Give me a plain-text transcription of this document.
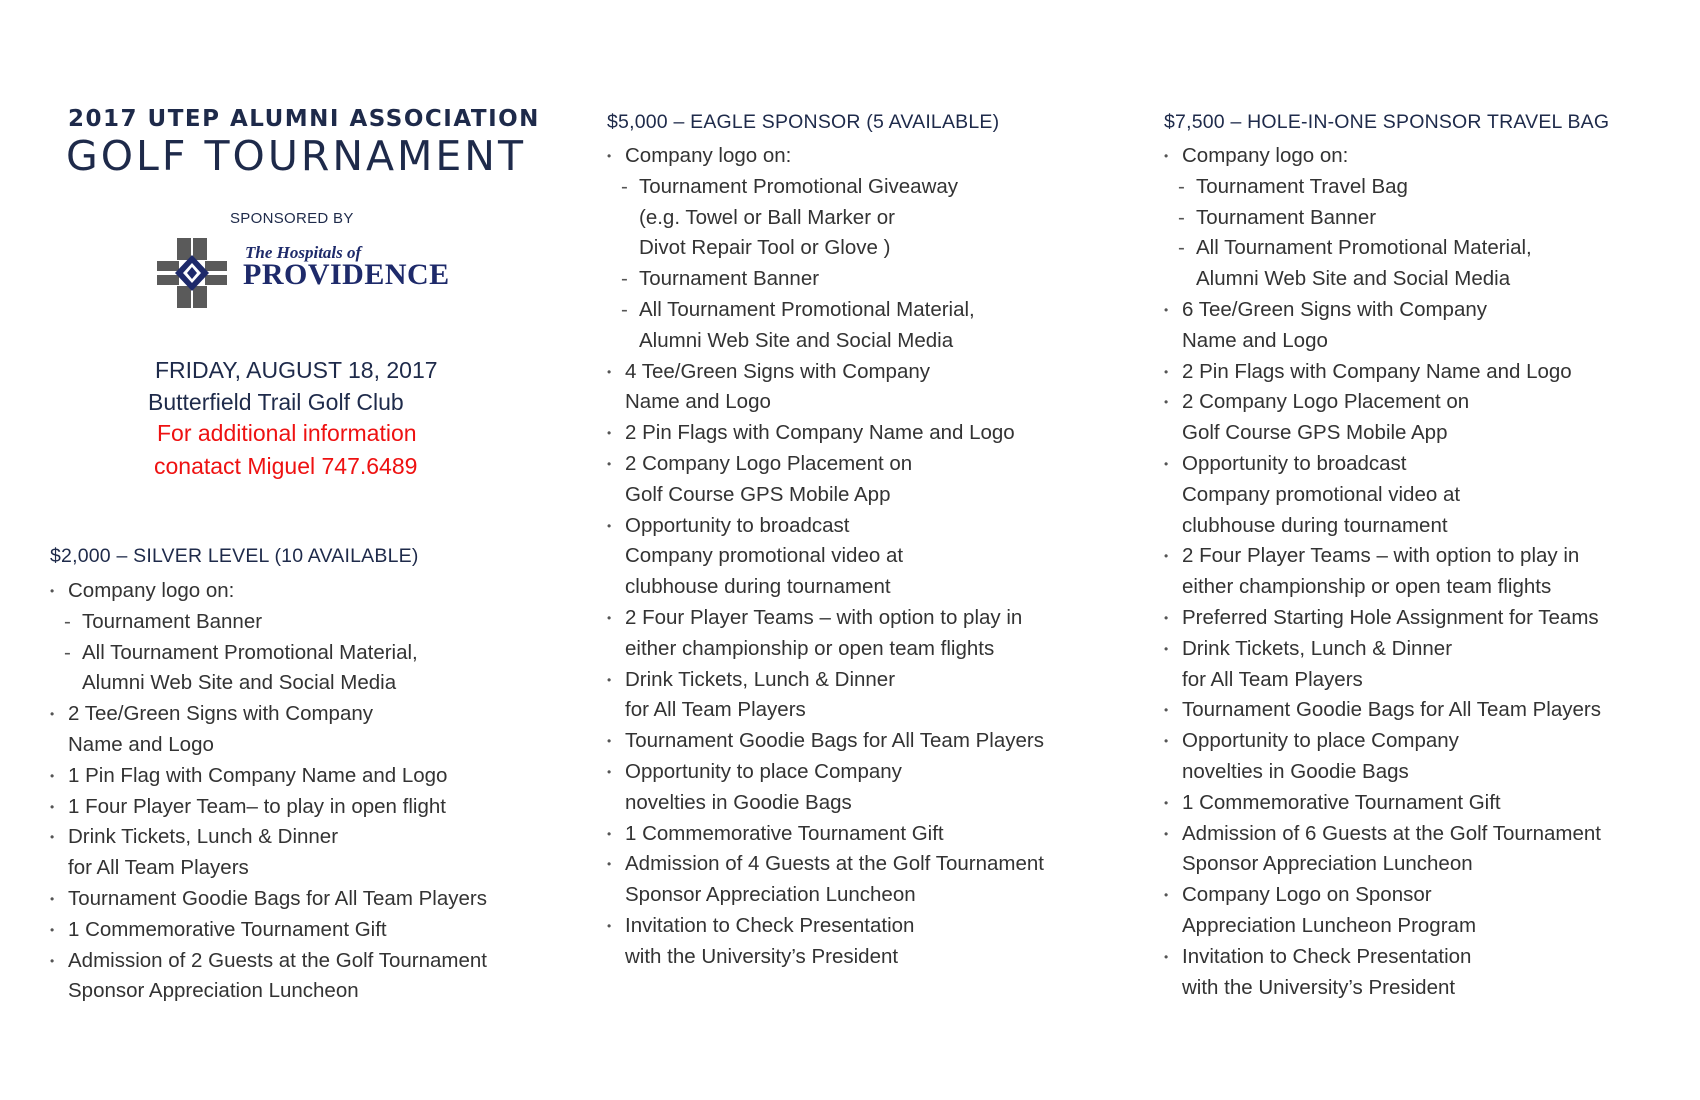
2017 UTEP ALUMNI ASSOCIATION
GOLF TOURNAMENT
SPONSORED BY
The Hospitals of
PROVIDENCE
FRIDAY, AUGUST 18, 2017
Butterfield Trail Golf Club
For additional information
conatact Miguel 747.6489
$2,000 – SILVER LEVEL (10 AVAILABLE)
• Company logo on:
- Tournament Banner
- All Tournament Promotional Material,
Alumni Web Site and Social Media
• 2 Tee/Green Signs with Company
Name and Logo
• 1 Pin Flag with Company Name and Logo
• 1 Four Player Team– to play in open flight
• Drink Tickets, Lunch & Dinner
for All Team Players
• Tournament Goodie Bags for All Team Players
• 1 Commemorative Tournament Gift
• Admission of 2 Guests at the Golf Tournament
Sponsor Appreciation Luncheon
$5,000 – EAGLE SPONSOR (5 AVAILABLE)
• Company logo on:
- Tournament Promotional Giveaway
(e.g. Towel or Ball Marker or
Divot Repair Tool or Glove )
- Tournament Banner
- All Tournament Promotional Material,
Alumni Web Site and Social Media
• 4 Tee/Green Signs with Company
Name and Logo
• 2 Pin Flags with Company Name and Logo
• 2 Company Logo Placement on
Golf Course GPS Mobile App
• Opportunity to broadcast
Company promotional video at
clubhouse during tournament
• 2 Four Player Teams – with option to play in
either championship or open team flights
• Drink Tickets, Lunch & Dinner
for All Team Players
• Tournament Goodie Bags for All Team Players
• Opportunity to place Company
novelties in Goodie Bags
• 1 Commemorative Tournament Gift
• Admission of 4 Guests at the Golf Tournament
Sponsor Appreciation Luncheon
• Invitation to Check Presentation
with the University’s President
$7,500 – HOLE-IN-ONE SPONSOR TRAVEL BAG
• Company logo on:
- Tournament Travel Bag
- Tournament Banner
- All Tournament Promotional Material,
Alumni Web Site and Social Media
• 6 Tee/Green Signs with Company
Name and Logo
• 2 Pin Flags with Company Name and Logo
• 2 Company Logo Placement on
Golf Course GPS Mobile App
• Opportunity to broadcast
Company promotional video at
clubhouse during tournament
• 2 Four Player Teams – with option to play in
either championship or open team flights
• Preferred Starting Hole Assignment for Teams
• Drink Tickets, Lunch & Dinner
for All Team Players
• Tournament Goodie Bags for All Team Players
• Opportunity to place Company
novelties in Goodie Bags
• 1 Commemorative Tournament Gift
• Admission of 6 Guests at the Golf Tournament
Sponsor Appreciation Luncheon
• Company Logo on Sponsor
Appreciation Luncheon Program
• Invitation to Check Presentation
with the University’s President
